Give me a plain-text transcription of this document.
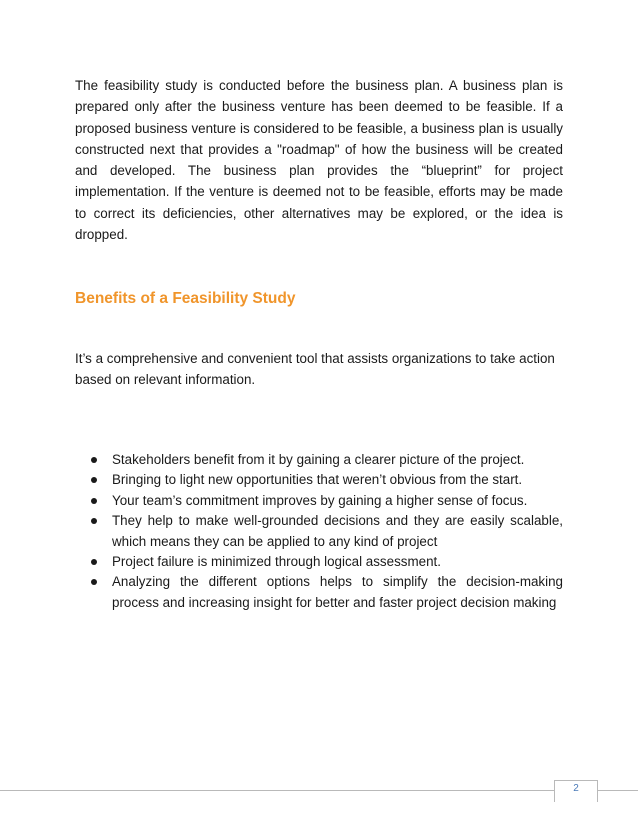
The feasibility study is conducted before the business plan. A business plan is prepared only after the business venture has been deemed to be feasible. If a proposed business venture is considered to be feasible, a business plan is usually constructed next that provides a "roadmap" of how the business will be created and developed. The business plan provides the “blueprint” for project implementation. If the venture is deemed not to be feasible, efforts may be made to correct its deficiencies, other alternatives may be explored, or the idea is dropped.

Benefits of a Feasibility Study

It’s a comprehensive and convenient tool that assists organizations to take action based on relevant information.

Stakeholders benefit from it by gaining a clearer picture of the project.
Bringing to light new opportunities that weren’t obvious from the start.
Your team’s commitment improves by gaining a higher sense of focus.
They help to make well-grounded decisions and they are easily scalable, which means they can be applied to any kind of project
Project failure is minimized through logical assessment.
Analyzing the different options helps to simplify the decision-making process and increasing insight for better and faster project decision making
2
